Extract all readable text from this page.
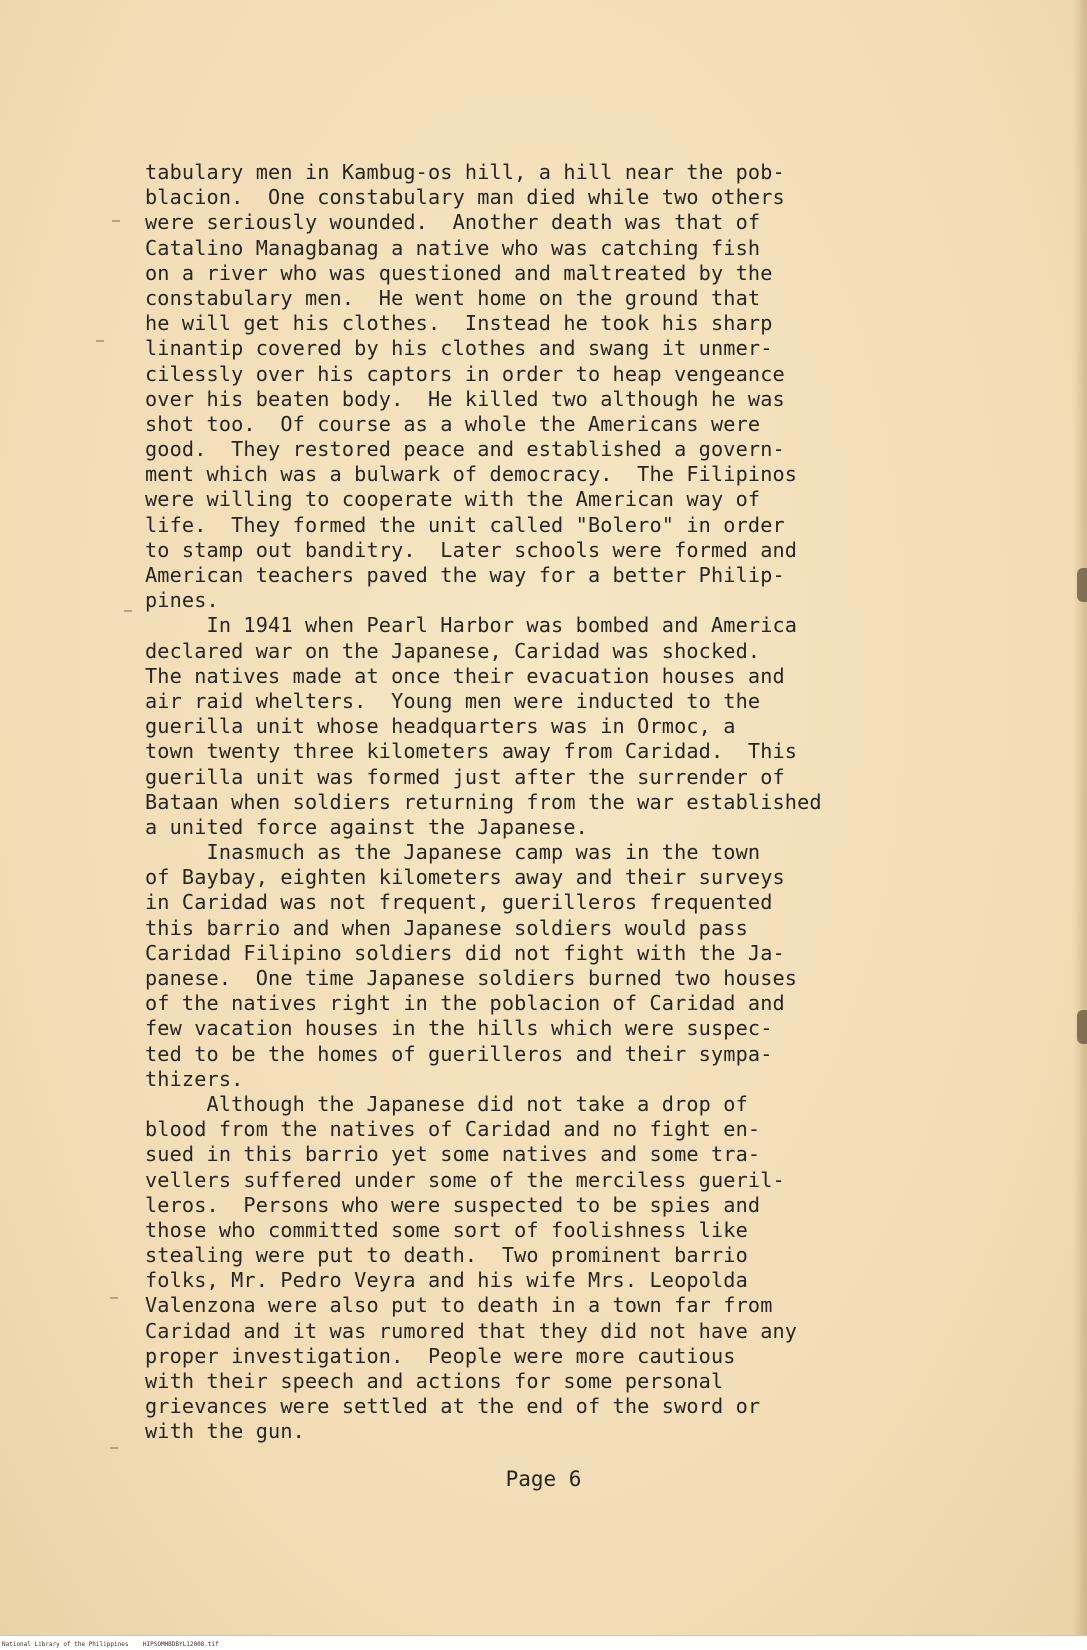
tabulary men in Kambug-os hill, a hill near the pob-
blacion.  One constabulary man died while two others
were seriously wounded.  Another death was that of
Catalino Managbanag a native who was catching fish
on a river who was questioned and maltreated by the
constabulary men.  He went home on the ground that
he will get his clothes.  Instead he took his sharp
linantip covered by his clothes and swang it unmer-
cilessly over his captors in order to heap vengeance
over his beaten body.  He killed two although he was
shot too.  Of course as a whole the Americans were
good.  They restored peace and established a govern-
ment which was a bulwark of democracy.  The Filipinos
were willing to cooperate with the American way of
life.  They formed the unit called "Bolero" in order
to stamp out banditry.  Later schools were formed and
American teachers paved the way for a better Philip-
pines.
In 1941 when Pearl Harbor was bombed and America
declared war on the Japanese, Caridad was shocked.
The natives made at once their evacuation houses and
air raid whelters.  Young men were inducted to the
guerilla unit whose headquarters was in Ormoc, a
town twenty three kilometers away from Caridad.  This
guerilla unit was formed just after the surrender of
Bataan when soldiers returning from the war established
a united force against the Japanese.
Inasmuch as the Japanese camp was in the town
of Baybay, eighten kilometers away and their surveys
in Caridad was not frequent, guerilleros frequented
this barrio and when Japanese soldiers would pass
Caridad Filipino soldiers did not fight with the Ja-
panese.  One time Japanese soldiers burned two houses
of the natives right in the poblacion of Caridad and
few vacation houses in the hills which were suspec-
ted to be the homes of guerilleros and their sympa-
thizers.
Although the Japanese did not take a drop of
blood from the natives of Caridad and no fight en-
sued in this barrio yet some natives and some tra-
vellers suffered under some of the merciless gueril-
leros.  Persons who were suspected to be spies and
those who committed some sort of foolishness like
stealing were put to death.  Two prominent barrio
folks, Mr. Pedro Veyra and his wife Mrs. Leopolda
Valenzona were also put to death in a town far from
Caridad and it was rumored that they did not have any
proper investigation.  People were more cautious
with their speech and actions for some personal
grievances were settled at the end of the sword or
with the gun.
Page 6
National Library of the Philippines    HIPSOMHBDBYL12008.tif
